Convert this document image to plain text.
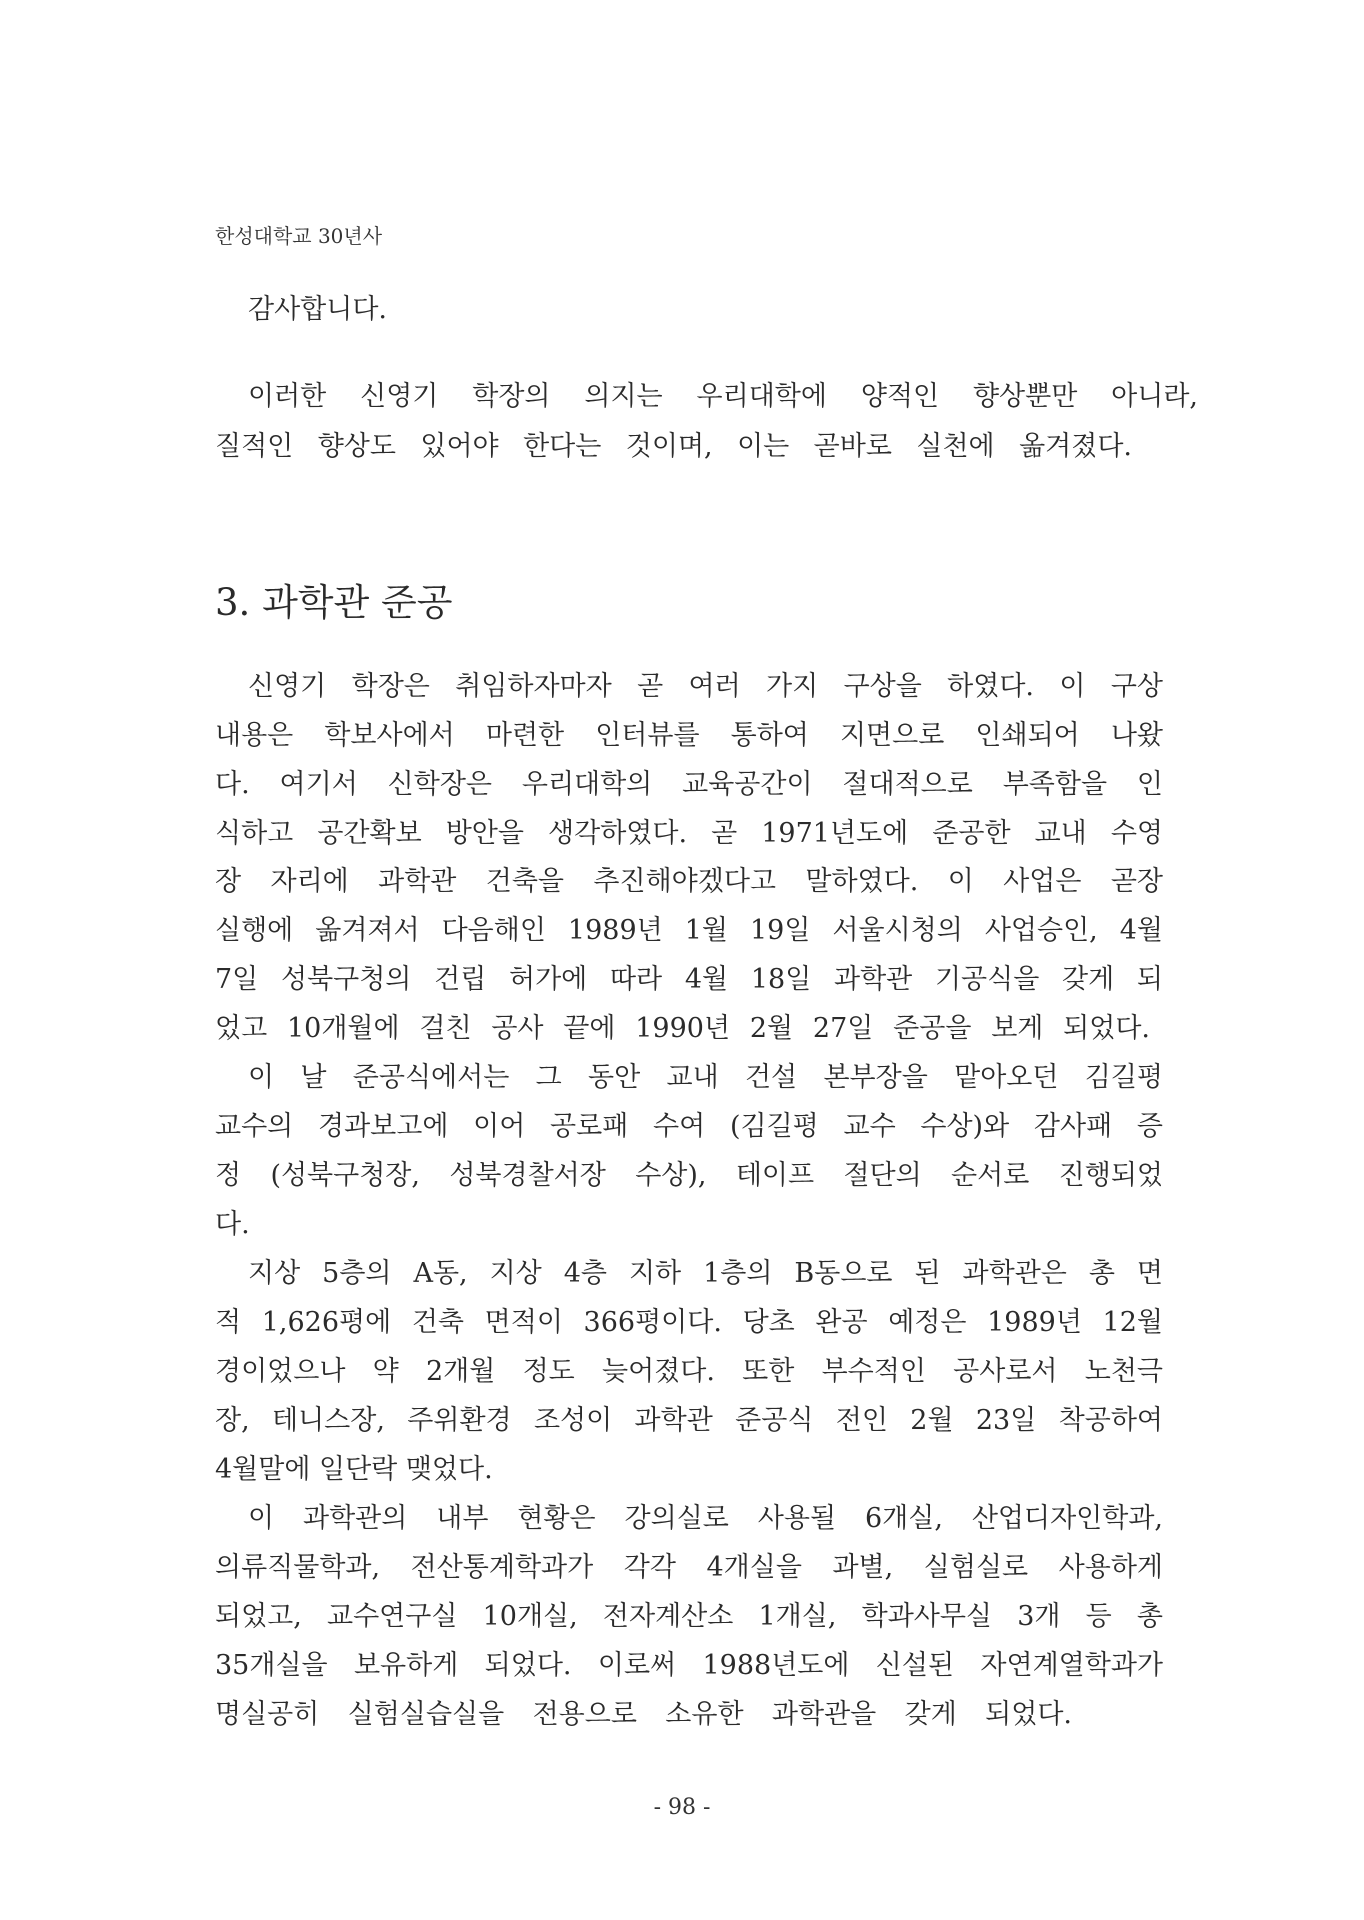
한성대학교 30년사
감사합니다.
이러한 신영기 학장의 의지는 우리대학에 양적인 향상뿐만 아니라,
질적인 향상도 있어야 한다는 것이며, 이는 곧바로 실천에 옮겨졌다.
3. 과학관 준공
신영기 학장은 취임하자마자 곧 여러 가지 구상을 하였다. 이 구상
내용은 학보사에서 마련한 인터뷰를 통하여 지면으로 인쇄되어 나왔
다. 여기서 신학장은 우리대학의 교육공간이 절대적으로 부족함을 인
식하고 공간확보 방안을 생각하였다. 곧 1971년도에 준공한 교내 수영
장 자리에 과학관 건축을 추진해야겠다고 말하였다. 이 사업은 곧장
실행에 옮겨져서 다음해인 1989년 1월 19일 서울시청의 사업승인, 4월
7일 성북구청의 건립 허가에 따라 4월 18일 과학관 기공식을 갖게 되
었고 10개월에 걸친 공사 끝에 1990년 2월 27일 준공을 보게 되었다.
이 날 준공식에서는 그 동안 교내 건설 본부장을 맡아오던 김길평
교수의 경과보고에 이어 공로패 수여 (김길평 교수 수상)와 감사패 증
정 (성북구청장, 성북경찰서장 수상), 테이프 절단의 순서로 진행되었
다.
지상 5층의 A동, 지상 4층 지하 1층의 B동으로 된 과학관은 총 면
적 1,626평에 건축 면적이 366평이다. 당초 완공 예정은 1989년 12월
경이었으나 약 2개월 정도 늦어졌다. 또한 부수적인 공사로서 노천극
장, 테니스장, 주위환경 조성이 과학관 준공식 전인 2월 23일 착공하여
4월말에 일단락 맺었다.
이 과학관의 내부 현황은 강의실로 사용될 6개실, 산업디자인학과,
의류직물학과, 전산통계학과가 각각 4개실을 과별, 실험실로 사용하게
되었고, 교수연구실 10개실, 전자계산소 1개실, 학과사무실 3개 등 총
35개실을 보유하게 되었다. 이로써 1988년도에 신설된 자연계열학과가
명실공히 실험실습실을 전용으로 소유한 과학관을 갖게 되었다.
- 98 -
